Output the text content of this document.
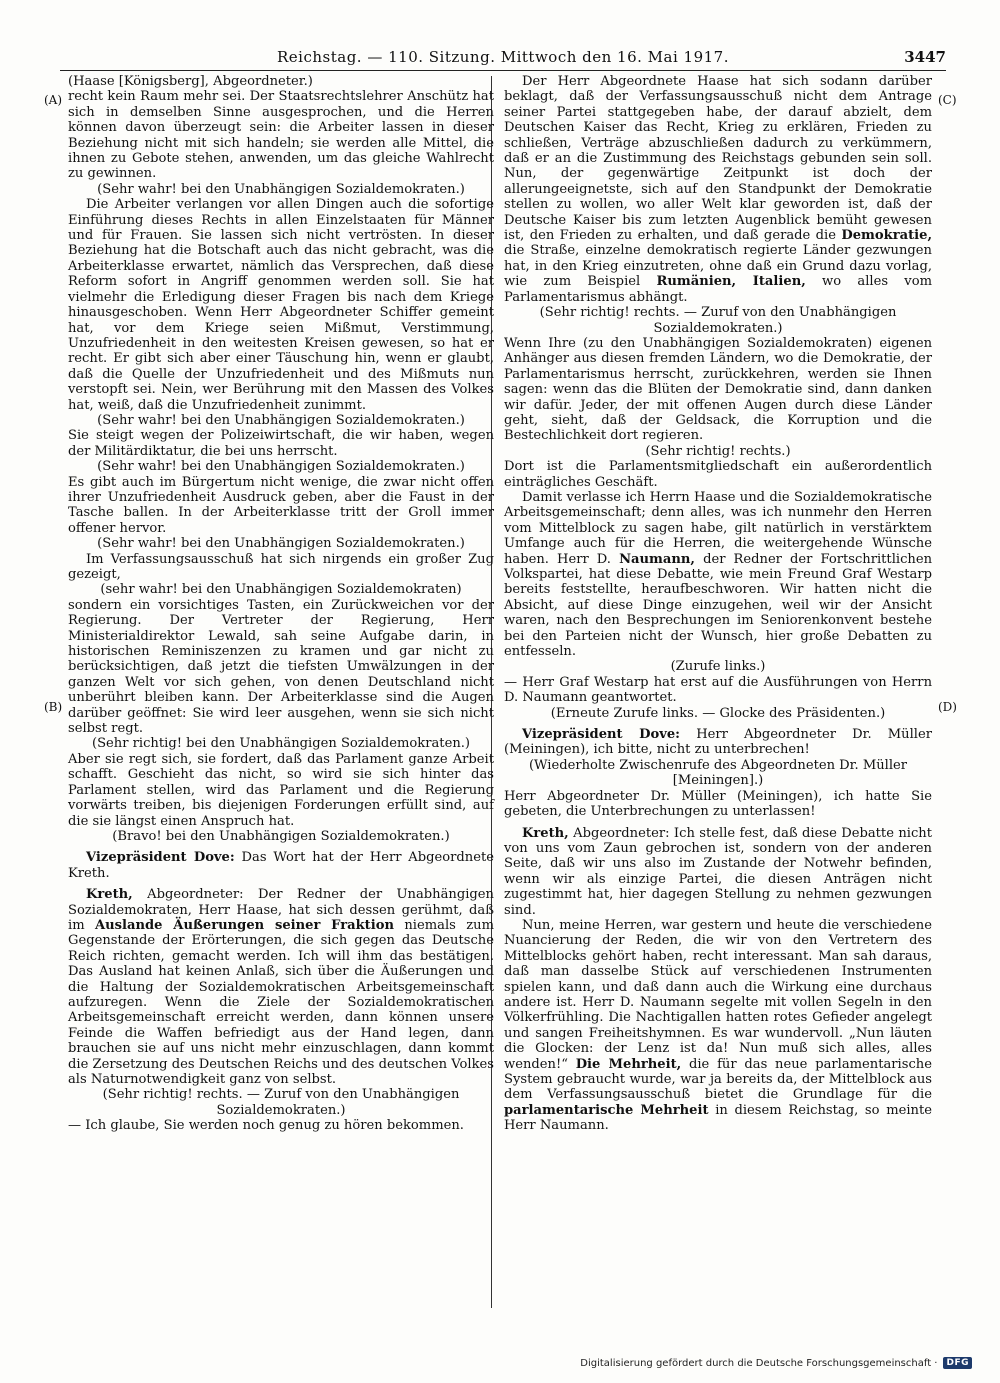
Reichstag. — 110. Sitzung. Mittwoch den 16. Mai 1917.	3447
(A)
(B)
(C)
(D)

(Haase [Königsberg], Abgeordneter.)

recht kein Raum mehr sei. Der Staatsrechtslehrer Anschütz hat sich in demselben Sinne ausgesprochen, und die Herren können davon überzeugt sein: die Arbeiter lassen in dieser Beziehung nicht mit sich handeln; sie werden alle Mittel, die ihnen zu Gebote stehen, anwenden, um das gleiche Wahlrecht zu gewinnen.

(Sehr wahr! bei den Unabhängigen Sozialdemokraten.)

Die Arbeiter verlangen vor allen Dingen auch die sofortige Einführung dieses Rechts in allen Einzelstaaten für Männer und für Frauen. Sie lassen sich nicht vertrösten. In dieser Beziehung hat die Botschaft auch das nicht gebracht, was die Arbeiterklasse erwartet, nämlich das Versprechen, daß diese Reform sofort in Angriff genommen werden soll. Sie hat vielmehr die Erledigung dieser Fragen bis nach dem Kriege hinausgeschoben. Wenn Herr Abgeordneter Schiffer gemeint hat, vor dem Kriege seien Mißmut, Verstimmung, Unzufriedenheit in den weitesten Kreisen gewesen, so hat er recht. Er gibt sich aber einer Täuschung hin, wenn er glaubt, daß die Quelle der Unzufriedenheit und des Mißmuts nun verstopft sei. Nein, wer Berührung mit den Massen des Volkes hat, weiß, daß die Unzufriedenheit zunimmt.

(Sehr wahr! bei den Unabhängigen Sozialdemokraten.)

Sie steigt wegen der Polizeiwirtschaft, die wir haben, wegen der Militärdiktatur, die bei uns herrscht.

(Sehr wahr! bei den Unabhängigen Sozialdemokraten.)

Es gibt auch im Bürgertum nicht wenige, die zwar nicht offen ihrer Unzufriedenheit Ausdruck geben, aber die Faust in der Tasche ballen. In der Arbeiterklasse tritt der Groll immer offener hervor.

(Sehr wahr! bei den Unabhängigen Sozialdemokraten.)

Im Verfassungsausschuß hat sich nirgends ein großer Zug gezeigt,

(sehr wahr! bei den Unabhängigen Sozialdemokraten)

sondern ein vorsichtiges Tasten, ein Zurückweichen vor der Regierung. Der Vertreter der Regierung, Herr Ministerialdirektor Lewald, sah seine Aufgabe darin, in historischen Reminiszenzen zu kramen und gar nicht zu berücksichtigen, daß jetzt die tiefsten Umwälzungen in der ganzen Welt vor sich gehen, von denen Deutschland nicht unberührt bleiben kann. Der Arbeiterklasse sind die Augen darüber geöffnet: Sie wird leer ausgehen, wenn sie sich nicht selbst regt.

(Sehr richtig! bei den Unabhängigen Sozialdemokraten.)

Aber sie regt sich, sie fordert, daß das Parlament ganze Arbeit schafft. Geschieht das nicht, so wird sie sich hinter das Parlament stellen, wird das Parlament und die Regierung vorwärts treiben, bis diejenigen Forderungen erfüllt sind, auf die sie längst einen Anspruch hat.

(Bravo! bei den Unabhängigen Sozialdemokraten.)

Vizepräsident Dove: Das Wort hat der Herr Abgeordnete Kreth.

Kreth, Abgeordneter: Der Redner der Unabhängigen Sozialdemokraten, Herr Haase, hat sich dessen gerühmt, daß im Auslande Äußerungen seiner Fraktion niemals zum Gegenstande der Erörterungen, die sich gegen das Deutsche Reich richten, gemacht werden. Ich will ihm das bestätigen. Das Ausland hat keinen Anlaß, sich über die Äußerungen und die Haltung der Sozialdemokratischen Arbeitsgemeinschaft aufzuregen. Wenn die Ziele der Sozialdemokratischen Arbeitsgemeinschaft erreicht werden, dann können unsere Feinde die Waffen befriedigt aus der Hand legen, dann brauchen sie auf uns nicht mehr einzuschlagen, dann kommt die Zersetzung des Deutschen Reichs und des deutschen Volkes als Naturnotwendigkeit ganz von selbst.

(Sehr richtig! rechts. — Zuruf von den Unabhängigen Sozialdemokraten.)

— Ich glaube, Sie werden noch genug zu hören bekommen.

Der Herr Abgeordnete Haase hat sich sodann darüber beklagt, daß der Verfassungsausschuß nicht dem Antrage seiner Partei stattgegeben habe, der darauf abzielt, dem Deutschen Kaiser das Recht, Krieg zu erklären, Frieden zu schließen, Verträge abzuschließen dadurch zu verkümmern, daß er an die Zustimmung des Reichstags gebunden sein soll. Nun, der gegenwärtige Zeitpunkt ist doch der allerungeeignetste, sich auf den Standpunkt der Demokratie stellen zu wollen, wo aller Welt klar geworden ist, daß der Deutsche Kaiser bis zum letzten Augenblick bemüht gewesen ist, den Frieden zu erhalten, und daß gerade die Demokratie, die Straße, einzelne demokratisch regierte Länder gezwungen hat, in den Krieg einzutreten, ohne daß ein Grund dazu vorlag, wie zum Beispiel Rumänien, Italien, wo alles vom Parlamentarismus abhängt.

(Sehr richtig! rechts. — Zuruf von den Unabhängigen Sozialdemokraten.)

Wenn Ihre (zu den Unabhängigen Sozialdemokraten) eigenen Anhänger aus diesen fremden Ländern, wo die Demokratie, der Parlamentarismus herrscht, zurückkehren, werden sie Ihnen sagen: wenn das die Blüten der Demokratie sind, dann danken wir dafür. Jeder, der mit offenen Augen durch diese Länder geht, sieht, daß der Geldsack, die Korruption und die Bestechlichkeit dort regieren.

(Sehr richtig! rechts.)

Dort ist die Parlamentsmitgliedschaft ein außerordentlich einträgliches Geschäft.

Damit verlasse ich Herrn Haase und die Sozialdemokratische Arbeitsgemeinschaft; denn alles, was ich nunmehr den Herren vom Mittelblock zu sagen habe, gilt natürlich in verstärktem Umfange auch für die Herren, die weitergehende Wünsche haben. Herr D. Naumann, der Redner der Fortschrittlichen Volkspartei, hat diese Debatte, wie mein Freund Graf Westarp bereits feststellte, heraufbeschworen. Wir hatten nicht die Absicht, auf diese Dinge einzugehen, weil wir der Ansicht waren, nach den Besprechungen im Seniorenkonvent bestehe bei den Parteien nicht der Wunsch, hier große Debatten zu entfesseln.

(Zurufe links.)

— Herr Graf Westarp hat erst auf die Ausführungen von Herrn D. Naumann geantwortet.

(Erneute Zurufe links. — Glocke des Präsidenten.)

Vizepräsident Dove: Herr Abgeordneter Dr. Müller (Meiningen), ich bitte, nicht zu unterbrechen!

(Wiederholte Zwischenrufe des Abgeordneten Dr. Müller [Meiningen].)

Herr Abgeordneter Dr. Müller (Meiningen), ich hatte Sie gebeten, die Unterbrechungen zu unterlassen!

Kreth, Abgeordneter: Ich stelle fest, daß diese Debatte nicht von uns vom Zaun gebrochen ist, sondern von der anderen Seite, daß wir uns also im Zustande der Notwehr befinden, wenn wir als einzige Partei, die diesen Anträgen nicht zugestimmt hat, hier dagegen Stellung zu nehmen gezwungen sind.

Nun, meine Herren, war gestern und heute die verschiedene Nuancierung der Reden, die wir von den Vertretern des Mittelblocks gehört haben, recht interessant. Man sah daraus, daß man dasselbe Stück auf verschiedenen Instrumenten spielen kann, und daß dann auch die Wirkung eine durchaus andere ist. Herr D. Naumann segelte mit vollen Segeln in den Völkerfrühling. Die Nachtigallen hatten rotes Gefieder angelegt und sangen Freiheitshymnen. Es war wundervoll. „Nun läuten die Glocken: der Lenz ist da! Nun muß sich alles, alles wenden!“ Die Mehrheit, die für das neue parlamentarische System gebraucht wurde, war ja bereits da, der Mittelblock aus dem Verfassungsausschuß bietet die Grundlage für die parlamentarische Mehrheit in diesem Reichstag, so meinte Herr Naumann.

Digitalisierung gefördert durch die Deutsche Forschungsgemeinschaft ·	DFG
